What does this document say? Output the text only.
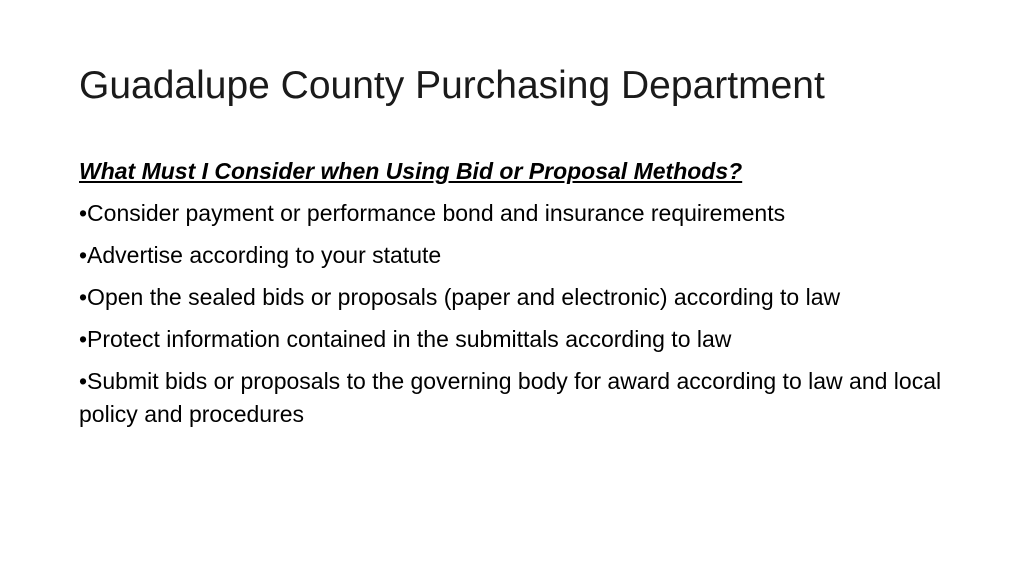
Guadalupe County Purchasing Department
What Must I Consider when Using Bid or Proposal Methods?
•Consider payment or performance bond and insurance requirements
•Advertise according to your statute
•Open the sealed bids or proposals (paper and electronic) according to law
•Protect information contained in the submittals according to law
•Submit bids or proposals to the governing body for award according to law and local policy and procedures
